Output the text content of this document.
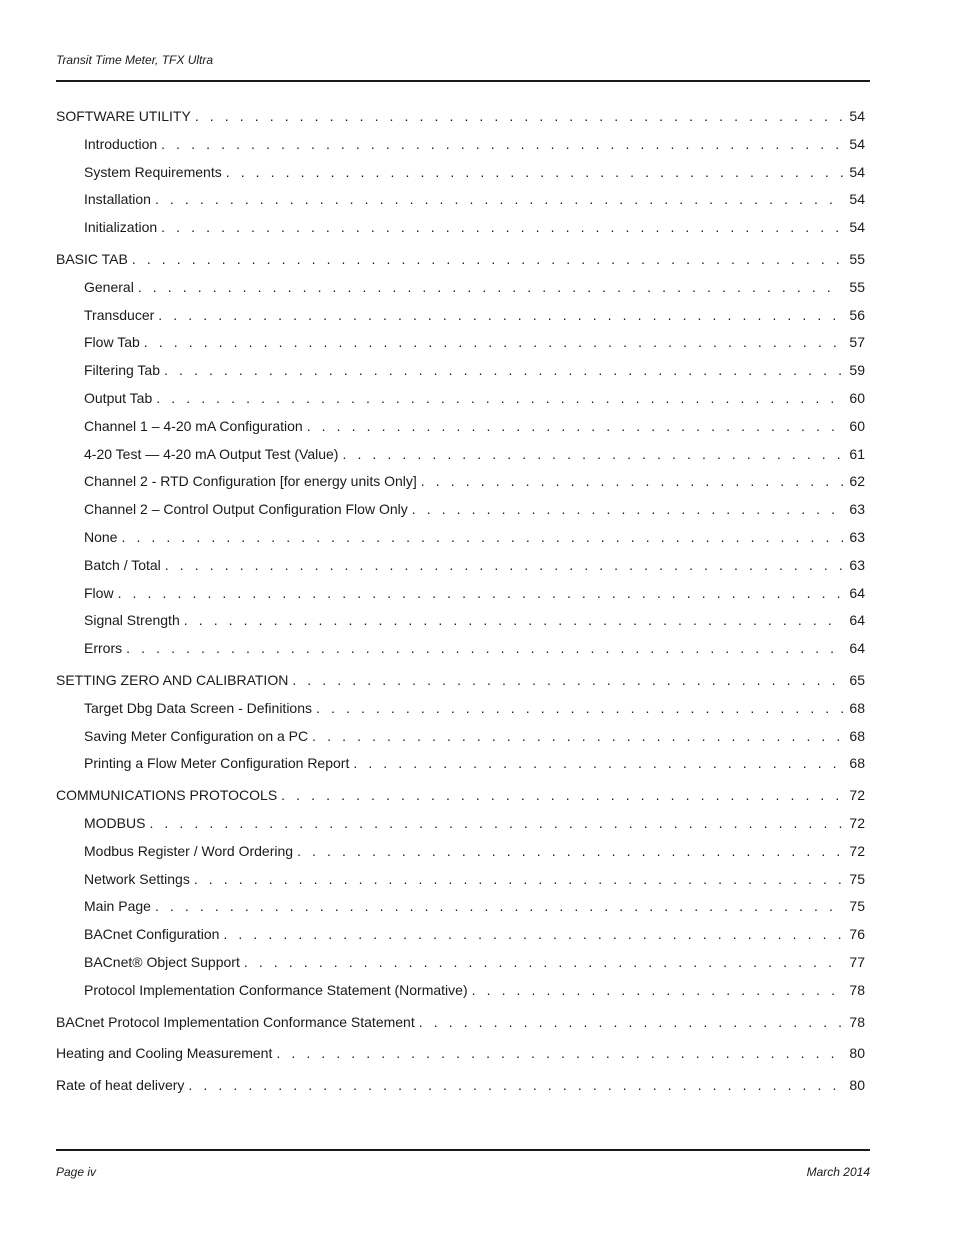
Transit Time Meter, TFX Ultra
SOFTWARE UTILITY . . .	54
Introduction . . .	54
System Requirements . . .	54
Installation . . .	54
Initialization . . .	54
BASIC TAB . . .	55
General . . .	55
Transducer . . .	56
Flow Tab . . .	57
Filtering Tab . . .	59
Output Tab . . .	60
Channel 1 – 4-20 mA Configuration . . .	60
4-20 Test — 4-20 mA Output Test (Value) . . .	61
Channel 2 - RTD Configuration [for energy units Only] . . .	62
Channel 2 – Control Output Configuration Flow Only . . .	63
None . . .	63
Batch / Total . . .	63
Flow . . .	64
Signal Strength . . .	64
Errors . . .	64
SETTING ZERO AND CALIBRATION . . .	65
Target Dbg Data Screen - Definitions . . .	68
Saving Meter Configuration on a PC . . .	68
Printing a Flow Meter Configuration Report . . .	68
COMMUNICATIONS PROTOCOLS . . .	72
MODBUS . . .	72
Modbus Register / Word Ordering . . .	72
Network Settings . . .	75
Main Page . . .	75
BACnet Configuration . . .	76
BACnet® Object Support . . .	77
Protocol Implementation Conformance Statement (Normative) . . .	78
BACnet Protocol Implementation Conformance Statement . . .	78
Heating and Cooling Measurement . . .	80
Rate of heat delivery . . .	80
Page iv	March 2014
